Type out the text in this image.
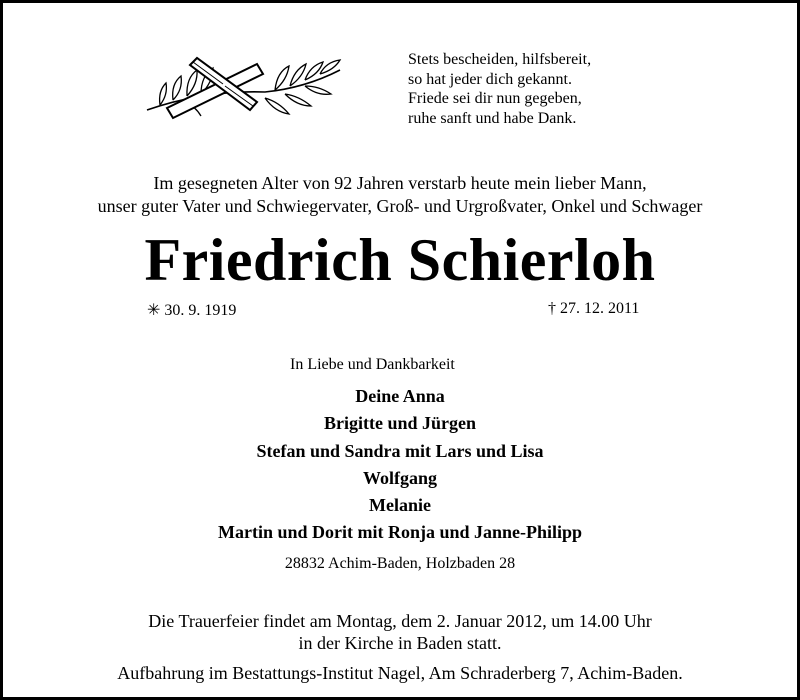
Stets bescheiden, hilfsbereit,
so hat jeder dich gekannt.
Friede sei dir nun gegeben,
ruhe sanft und habe Dank.
Im gesegneten Alter von 92 Jahren verstarb heute mein lieber Mann,
unser guter Vater und Schwiegervater, Groß- und Urgroßvater, Onkel und Schwager
Friedrich Schierloh
✳ 30. 9. 1919	† 27. 12. 2011
In Liebe und Dankbarkeit
Deine Anna
Brigitte und Jürgen
Stefan und Sandra mit Lars und Lisa
Wolfgang
Melanie
Martin und Dorit mit Ronja und Janne-Philipp
28832 Achim-Baden, Holzbaden 28
Die Trauerfeier findet am Montag, dem 2. Januar 2012, um 14.00 Uhr
in der Kirche in Baden statt.
Aufbahrung im Bestattungs-Institut Nagel, Am Schraderberg 7, Achim-Baden.
